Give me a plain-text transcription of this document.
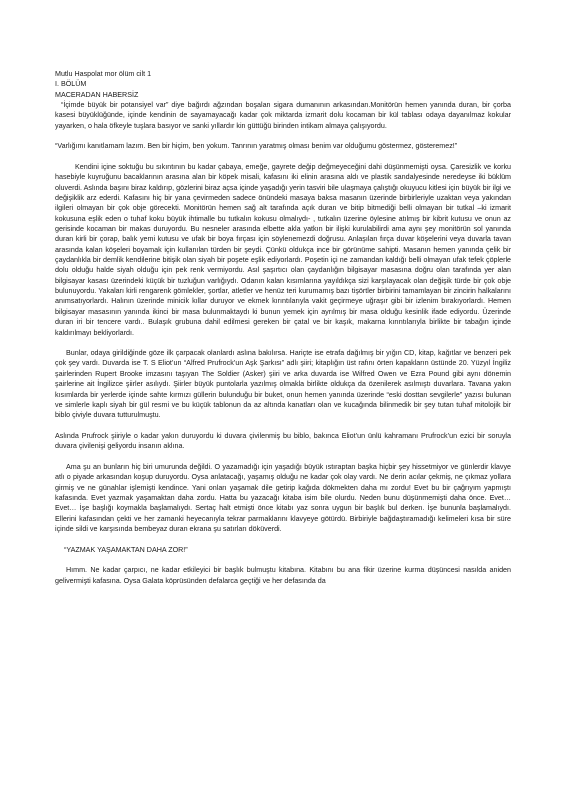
Mutlu Haspolat mor ölüm cilt 1

I. BÖLÜM

MACERADAN HABERSİZ

“İçimde büyük bir potansiyel var” diye bağırdı ağzından boşalan sigara dumanının arkasından.Monitörün hemen yanında duran, bir çorba kasesi büyüklüğünde, içinde kendinin de sayamayacağı kadar çok miktarda izmarit dolu kocaman bir kül tablası odaya dayanılmaz kokular yayarken, o hala öfkeyle tuşlara basıyor ve sanki yıllardır kin güttüğü birinden intikam almaya çalışıyordu.

“Varlığımı kanıtlamam lazım. Ben bir hiçim, ben yokum. Tanrının yaratmış olması benim var olduğumu göstermez, gösteremez!”

Kendini içine soktuğu bu sıkıntının bu kadar çabaya, emeğe, gayrete değip değmeyeceğini dahi düşünmemişti oysa. Çaresizlik ve korku hasebiyle kuyruğunu bacaklarının arasına alan bir köpek misali, kafasını iki elinin arasına aldı ve plastik sandalyesinde neredeyse iki büklüm oluverdi. Aslında başını biraz kaldırıp, gözlerini biraz açsa içinde yaşadığı yerin tasviri bile ulaşmaya çalıştığı okuyucu kitlesi için büyük bir ilgi ve değişiklik arz ederdi. Kafasını hiç bir yana çevirmeden sadece önündeki masaya baksa masanın üzerinde birbirleriyle uzaktan veya yakından ilgileri olmayan bir çok obje görecekti. Monitörün hemen sağ alt tarafında açık duran ve bitip bitmediği belli olmayan bir tutkal –ki izmarit kokusuna eşlik eden o tuhaf koku büyük ihtimalle bu tutkalın kokusu olmalıydı- , tutkalın üzerine öylesine atılmış bir kibrit kutusu ve onun az gerisinde kocaman bir makas duruyordu. Bu nesneler arasında elbette akla yatkın bir ilişki kurulabilirdi ama aynı şey monitörün sol yanında duran kirli bir çorap, balık yemi kutusu ve ufak bir boya fırçası için söylenemezdi doğrusu. Anlaşılan fırça duvar köşelerini veya duvarla tavan arasında kalan köşeleri boyamak için kullanılan türden bir şeydi. Çünkü oldukça ince bir görünüme sahipti. Masanın hemen yanında çelik bir çaydanlıkla bir demlik kendilerine bitişik olan siyah bir poşete eşlik ediyorlardı. Poşetin içi ne zamandan kaldığı belli olmayan ufak tefek çöplerle dolu olduğu halde siyah olduğu için pek renk vermiyordu. Asıl şaşırtıcı olan çaydanlığın bilgisayar masasına doğru olan tarafında yer alan bilgisayar kasası üzerindeki küçük bir tuzluğun varlığıydı. Odanın kalan kısımlarına yayıldıkça sizi karşılayacak olan değişik türde bir çok obje bulunuyordu. Yakaları kirli rengarenk gömlekler, şortlar, atletler ve henüz teri kurumamış bazı tişörtler birbirini tamamlayan bir zincirin halkalarını anımsatıyorlardı. Halının üzerinde minicik kıllar duruyor ve ekmek kırıntılarıyla vakit geçirmeye uğraşır gibi bir izlenim bırakıyorlardı. Hemen bilgisayar masasının yanında ikinci bir masa bulunmaktaydı ki bunun yemek için ayrılmış bir masa olduğu kesinlik ifade ediyordu. Üzerinde duran iri bir tencere vardı.. Bulaşık grubuna dahil edilmesi gereken bir çatal ve bir kaşık, makarna kırıntılarıyla birlikte bir tabağın içinde kaldırılmayı bekliyorlardı.

Bunlar, odaya girildiğinde göze ilk çarpacak olanlardı aslına bakılırsa. Hariçte ise etrafa dağılmış bir yığın CD, kitap, kağıtlar ve benzeri pek çok şey vardı. Duvarda ise T. S Eliot’un “Alfred Prufrock’un Aşk Şarkısı” adlı şiiri; kitaplığın üst rafını örten kapakların üstünde 20. Yüzyıl İngiliz şairlerinden Rupert Brooke imzasını taşıyan The Soldier (Asker) şiiri ve arka duvarda ise Wilfred Owen ve Ezra Pound gibi aynı dönemin şairlerine ait İngilizce şiirler asılıydı. Şiirler büyük puntolarla yazılmış olmakla birlikte oldukça da özenilerek asılmıştı duvarlara. Tavana yakın kısımlarda bir yerlerde içinde sahte kırmızı güllerin bulunduğu bir buket, onun hemen yanında üzerinde “eski dosttan sevgilerle” yazısı bulunan ve simlerle kaplı siyah bir gül resmi ve bu küçük tablonun da az altında kanatları olan ve kucağında bilinmedik bir şey tutan tuhaf mitolojik bir biblo çiviyle duvara tutturulmuştu.

Aslında Prufrock şiiriyle o kadar yakın duruyordu ki duvara çivilenmiş bu biblo, bakınca Eliot’un ünlü kahramanı Prufrock’un ezici bir soruyla duvara çivilenişi geliyordu insanın aklına.

Ama şu an bunların hiç biri umurunda değildi. O yazamadığı için yaşadığı büyük ıstıraptan başka hiçbir şey hissetmiyor ve günlerdir klavye atlı o piyade arkasından koşup duruyordu. Oysa anlatacağı, yaşamış olduğu ne kadar çok olay vardı. Ne derin acılar çekmiş, ne çıkmaz yollara girmiş ve ne günahlar işlemişti kendince. Yani onları yaşamak dile getirip kağıda dökmekten daha mı zordu! Evet bu bir çağrıyım yapmıştı kafasında. Evet yazmak yaşamaktan daha zordu. Hatta bu yazacağı kitaba isim bile olurdu. Neden bunu düşünmemişti daha önce. Evet… Evet… İşe başlığı koymakla başlamalıydı. Sertaç halt etmişti önce kitabı yaz sonra uygun bir başlık bul derken. İşe bununla başlamalıydı. Ellerini kafasından çekti ve her zamanki heyecanıyla tekrar parmaklarını klavyeye götürdü. Birbiriyle bağdaştıramadığı kelimeleri kısa bir süre içinde sildi ve karşısında bembeyaz duran ekrana şu satırları döküverdi.

“YAZMAK YAŞAMAKTAN DAHA ZOR!”

Hımm. Ne kadar çarpıcı, ne kadar etkileyici bir başlık bulmuştu kitabına. Kitabını bu ana fikir üzerine kurma düşüncesi nasılda aniden gelivermişti kafasına. Oysa Galata köprüsünden defalarca geçtiği ve her defasında da
